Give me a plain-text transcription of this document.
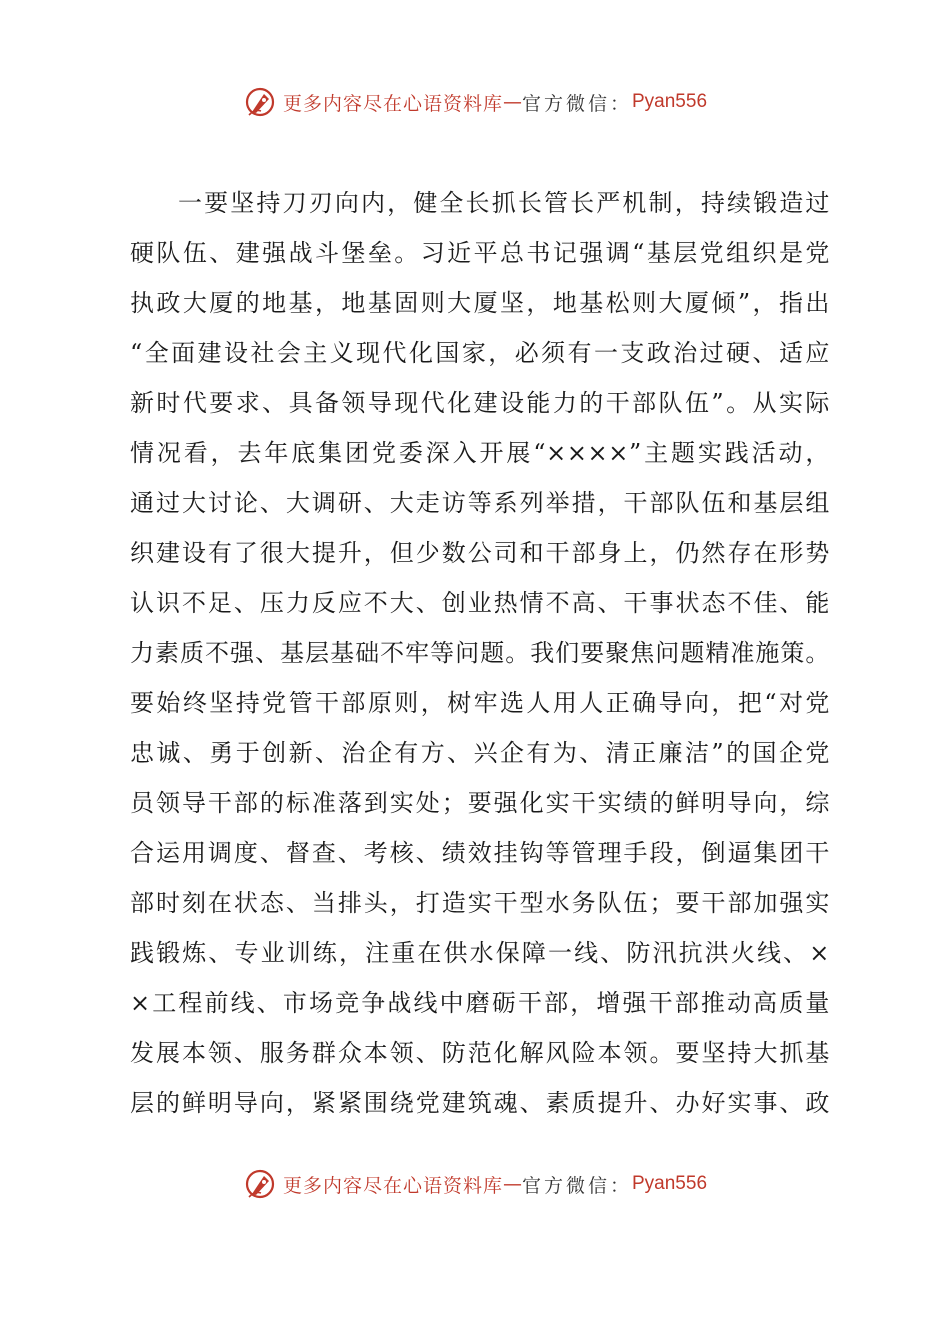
更多内容尽在心语资料库 — 官方微信： Pyan556
一要坚持刀刃向内，健全长抓长管长严机制，持续锻造过
硬队伍、建强战斗堡垒。习近平总书记强调“基层党组织是党
执政大厦的地基，地基固则大厦坚，地基松则大厦倾”，指出
“全面建设社会主义现代化国家，必须有一支政治过硬、适应
新时代要求、具备领导现代化建设能力的干部队伍”。从实际
情况看，去年底集团党委深入开展“××××”主题实践活动，
通过大讨论、大调研、大走访等系列举措，干部队伍和基层组
织建设有了很大提升，但少数公司和干部身上，仍然存在形势
认识不足、压力反应不大、创业热情不高、干事状态不佳、能
力素质不强、基层基础不牢等问题。我们要聚焦问题精准施策。
要始终坚持党管干部原则，树牢选人用人正确导向，把“对党
忠诚、勇于创新、治企有方、兴企有为、清正廉洁”的国企党
员领导干部的标准落到实处；要强化实干实绩的鲜明导向，综
合运用调度、督查、考核、绩效挂钩等管理手段，倒逼集团干
部时刻在状态、当排头，打造实干型水务队伍；要干部加强实
践锻炼、专业训练，注重在供水保障一线、防汛抗洪火线、×
×工程前线、市场竞争战线中磨砺干部，增强干部推动高质量
发展本领、服务群众本领、防范化解风险本领。要坚持大抓基
层的鲜明导向，紧紧围绕党建筑魂、素质提升、办好实事、政
更多内容尽在心语资料库 — 官方微信： Pyan556
